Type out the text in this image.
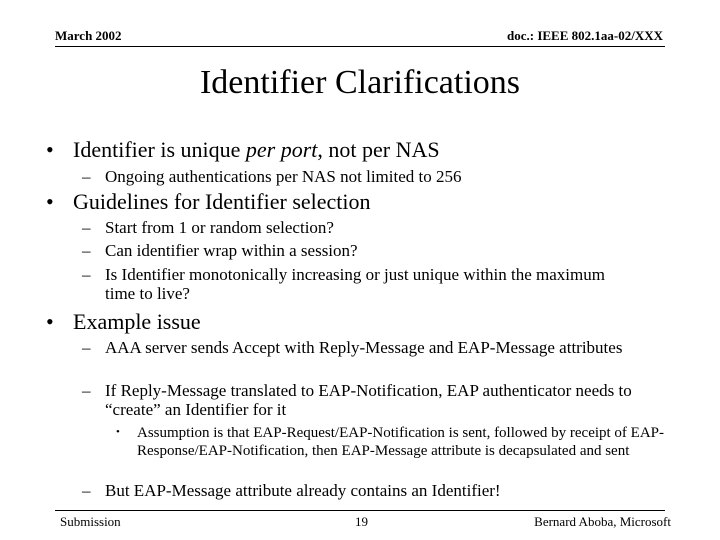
March 2002	doc.: IEEE 802.1aa-02/XXX
Identifier Clarifications
• Identifier is unique per port, not per NAS
– Ongoing authentications per NAS not limited to 256
• Guidelines for Identifier selection
– Start from 1 or random selection?
– Can identifier wrap within a session?
– Is Identifier monotonically increasing or just unique within the maximum time to live?
• Example issue
– AAA server sends Accept with Reply-Message and EAP-Message attributes
– If Reply-Message translated to EAP-Notification, EAP authenticator needs to “create” an Identifier for it
• Assumption is that EAP-Request/EAP-Notification is sent, followed by receipt of EAP-Response/EAP-Notification, then EAP-Message attribute is decapsulated and sent
– But EAP-Message attribute already contains an Identifier!
Submission	19	Bernard Aboba, Microsoft
